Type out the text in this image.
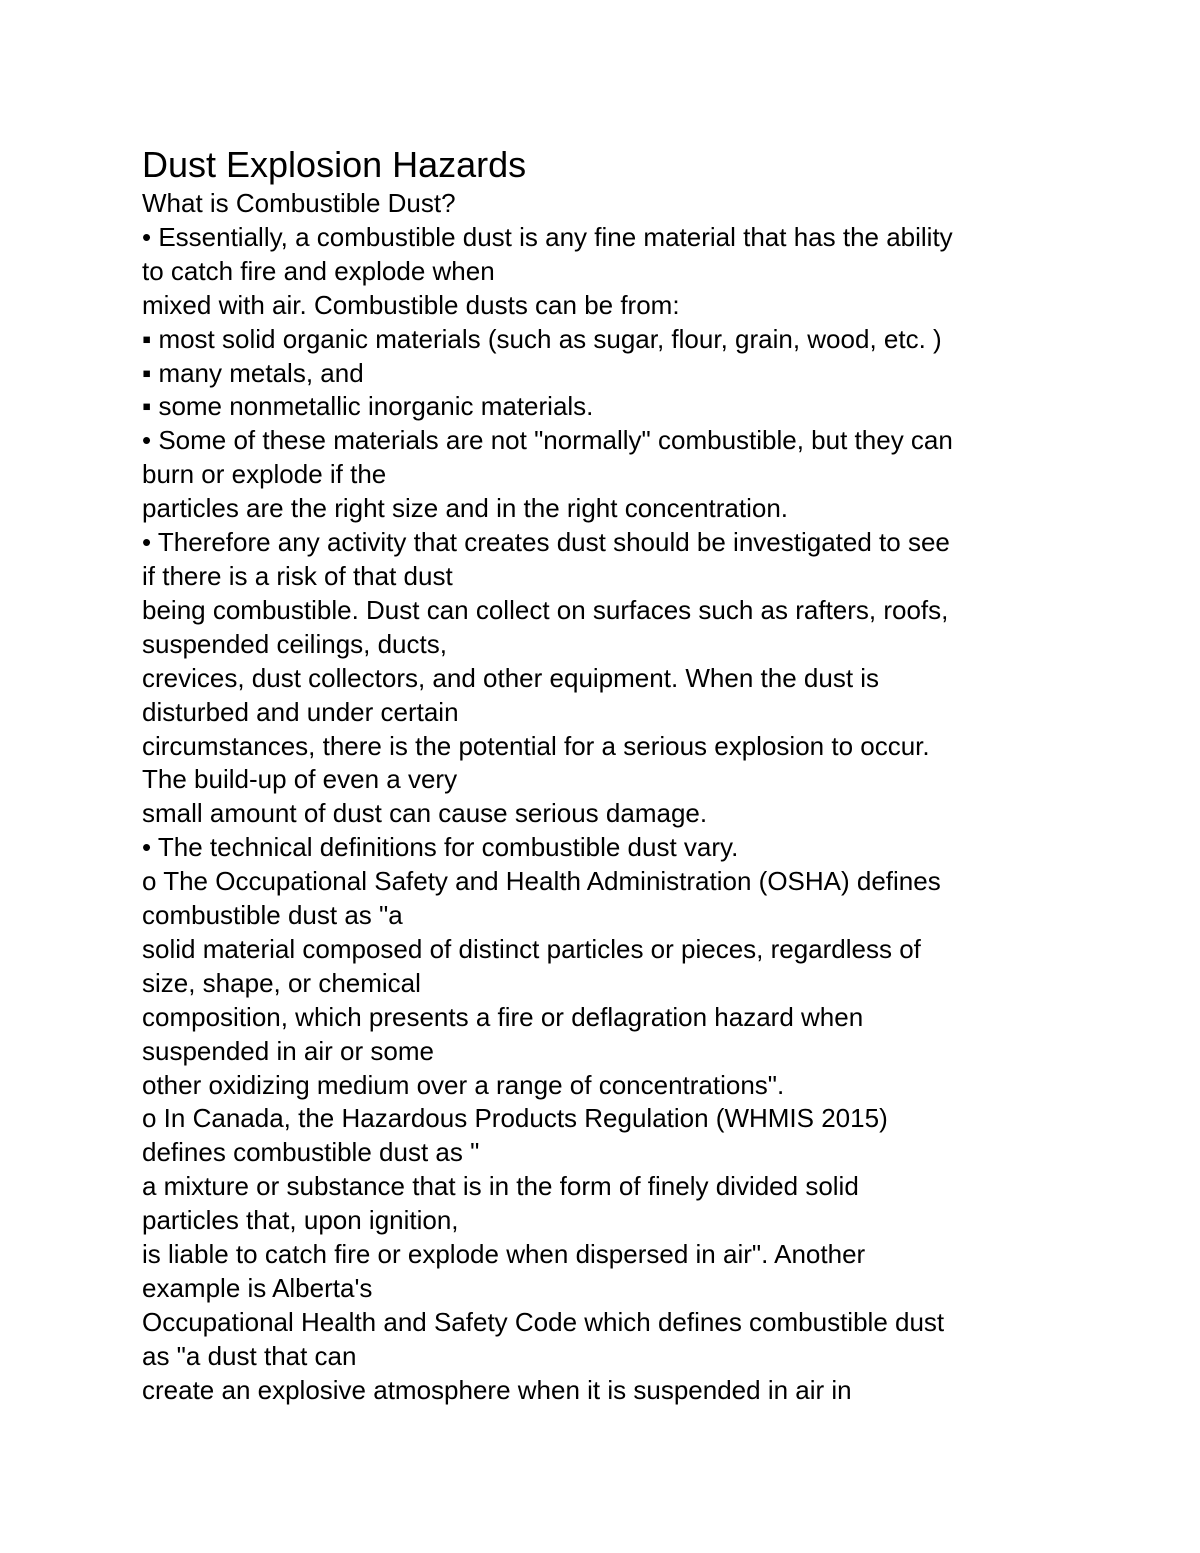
Dust Explosion Hazards

What is Combustible Dust?

• Essentially, a combustible dust is any fine material that has the ability

to catch fire and explode when

mixed with air. Combustible dusts can be from:

▪ most solid organic materials (such as sugar, flour, grain, wood, etc. )

▪ many metals, and

▪ some nonmetallic inorganic materials.

• Some of these materials are not "normally" combustible, but they can

burn or explode if the

particles are the right size and in the right concentration.

• Therefore any activity that creates dust should be investigated to see

if there is a risk of that dust

being combustible. Dust can collect on surfaces such as rafters, roofs,

suspended ceilings, ducts,

crevices, dust collectors, and other equipment. When the dust is

disturbed and under certain

circumstances, there is the potential for a serious explosion to occur.

The build-up of even a very

small amount of dust can cause serious damage.

• The technical definitions for combustible dust vary.

o The Occupational Safety and Health Administration (OSHA) defines

combustible dust as "a

solid material composed of distinct particles or pieces, regardless of

size, shape, or chemical

composition, which presents a fire or deflagration hazard when

suspended in air or some

other oxidizing medium over a range of concentrations".

o In Canada, the Hazardous Products Regulation (WHMIS 2015)

defines combustible dust as "

a mixture or substance that is in the form of finely divided solid

particles that, upon ignition,

is liable to catch fire or explode when dispersed in air". Another

example is Alberta's

Occupational Health and Safety Code which defines combustible dust

as "a dust that can

create an explosive atmosphere when it is suspended in air in
